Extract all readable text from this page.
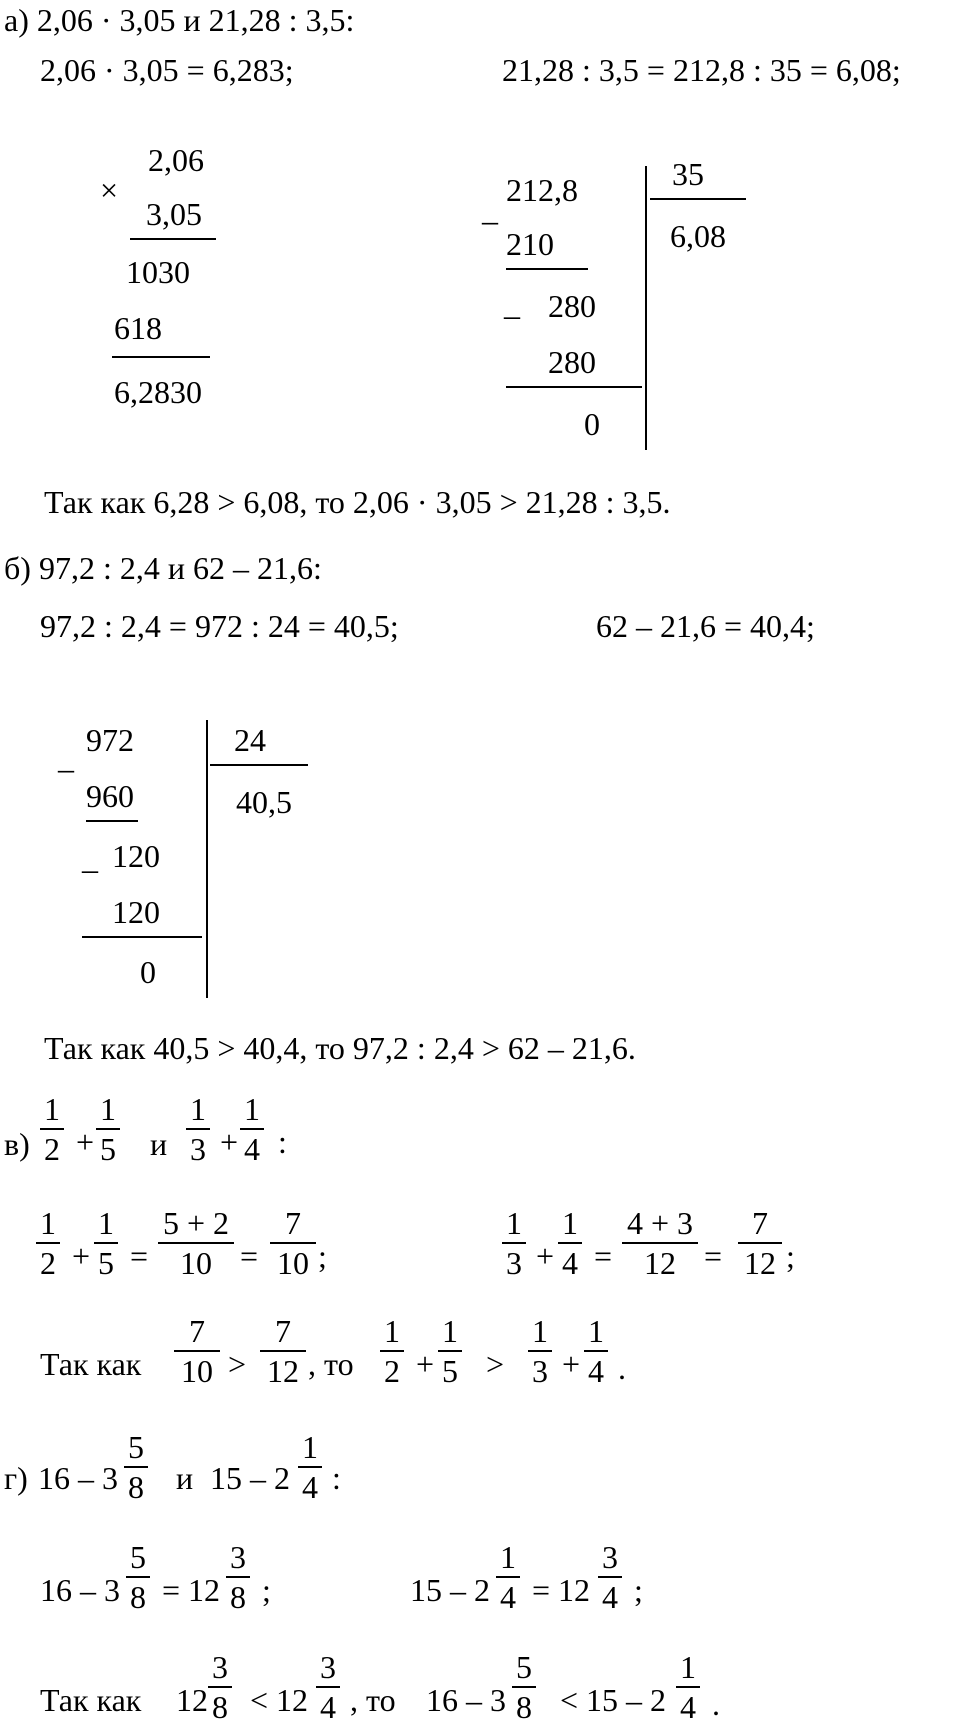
а) 2,06 · 3,05 и 21,28 : 3,5:
2,06 · 3,05 = 6,283;	21,28 : 3,5 = 212,8 : 35 = 6,08;
×
2,06
3,05
1030
618
6,2830
–
212,8	35
210	6,08
_ 280
280
0
Так как 6,28 > 6,08, то 2,06 · 3,05 > 21,28 : 3,5.
б) 97,2 : 2,4 и 62 – 21,6:
97,2 : 2,4 = 972 : 24 = 40,5;	62 – 21,6 = 40,4;
–
972	24
960	40,5
_ 120
120
0
Так как 40,5 > 40,4, то 97,2 : 2,4 > 62 – 21,6.
в)
1
2 +
1
5 и
1
3 +
1
4 :
1
2 +
1
5 =
5 + 2
10 =
7
10 ;
1
3 +
1
4 =
4 + 3
12 =
7
12 ;
Так как
7
10 >
7
12 , то
1
2 +
1
5 >
1
3 +
1
4 .
г) 16 – 3
5
8 и 15 – 2
1
4 :
16 – 3
5
8 = 12
3
8 ;	15 – 2
1
4 = 12
3
4 ;
Так как 12
3
8 < 12
3
4 , то 16 – 3
5
8 < 15 – 2
1
4 .
